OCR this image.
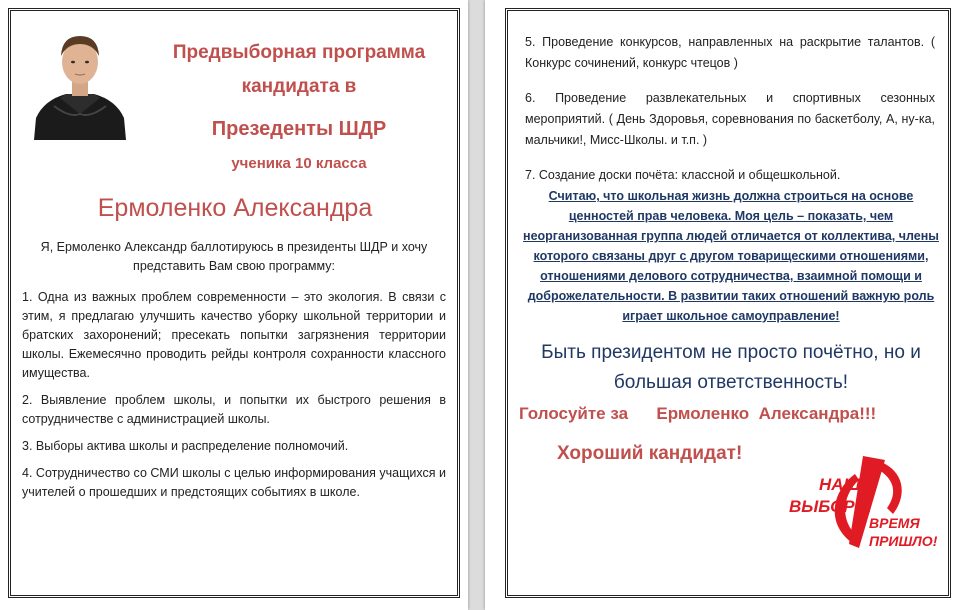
Предвыборная программа
кандидата в
Презеденты ШДР
ученика 10 класса
Ермоленко Александра
Я, Ермоленко Александр баллотируюсь в президенты ШДР и хочу представить Вам свою программу:

1. Одна из важных проблем современности – это экология. В связи с этим, я предлагаю улучшить качество уборку школьной территории и братских захоронений; пресекать попытки загрязнения территории школы. Ежемесячно проводить рейды контроля сохранности классного имущества.

2. Выявление проблем школы, и попытки их быстрого решения в сотрудничестве с администрацией школы.

3. Выборы актива школы и распределение полномочий.

4. Сотрудничество со СМИ школы с целью информирования учащихся и учителей о прошедших и предстоящих событиях в школе.

5. Проведение конкурсов, направленных на раскрытие талантов. ( Конкурс сочинений, конкурс чтецов )

6. Проведение развлекательных и спортивных сезонных мероприятий. ( День Здоровья, соревнования по баскетболу, А, ну-ка, мальчики!, Мисс-Школы. и т.п. )

7. Создание доски почёта: классной и общешкольной.

Считаю, что школьная жизнь должна строиться на основе ценностей прав человека. Моя цель – показать, чем неорганизованная группа людей отличается от коллектива, члены которого связаны друг с другом товарищескими отношениями, отношениями делового сотрудничества, взаимной помощи и доброжелательности. В развитии таких отношений важную роль играет школьное самоуправление!
Быть президентом не просто почётно, но и большая ответственность!
Голосуйте за      Ермоленко  Александра!!!
Хороший кандидат!
НАШИ
ВЫБОРЫ
ВРЕМЯ
ПРИШЛО!
